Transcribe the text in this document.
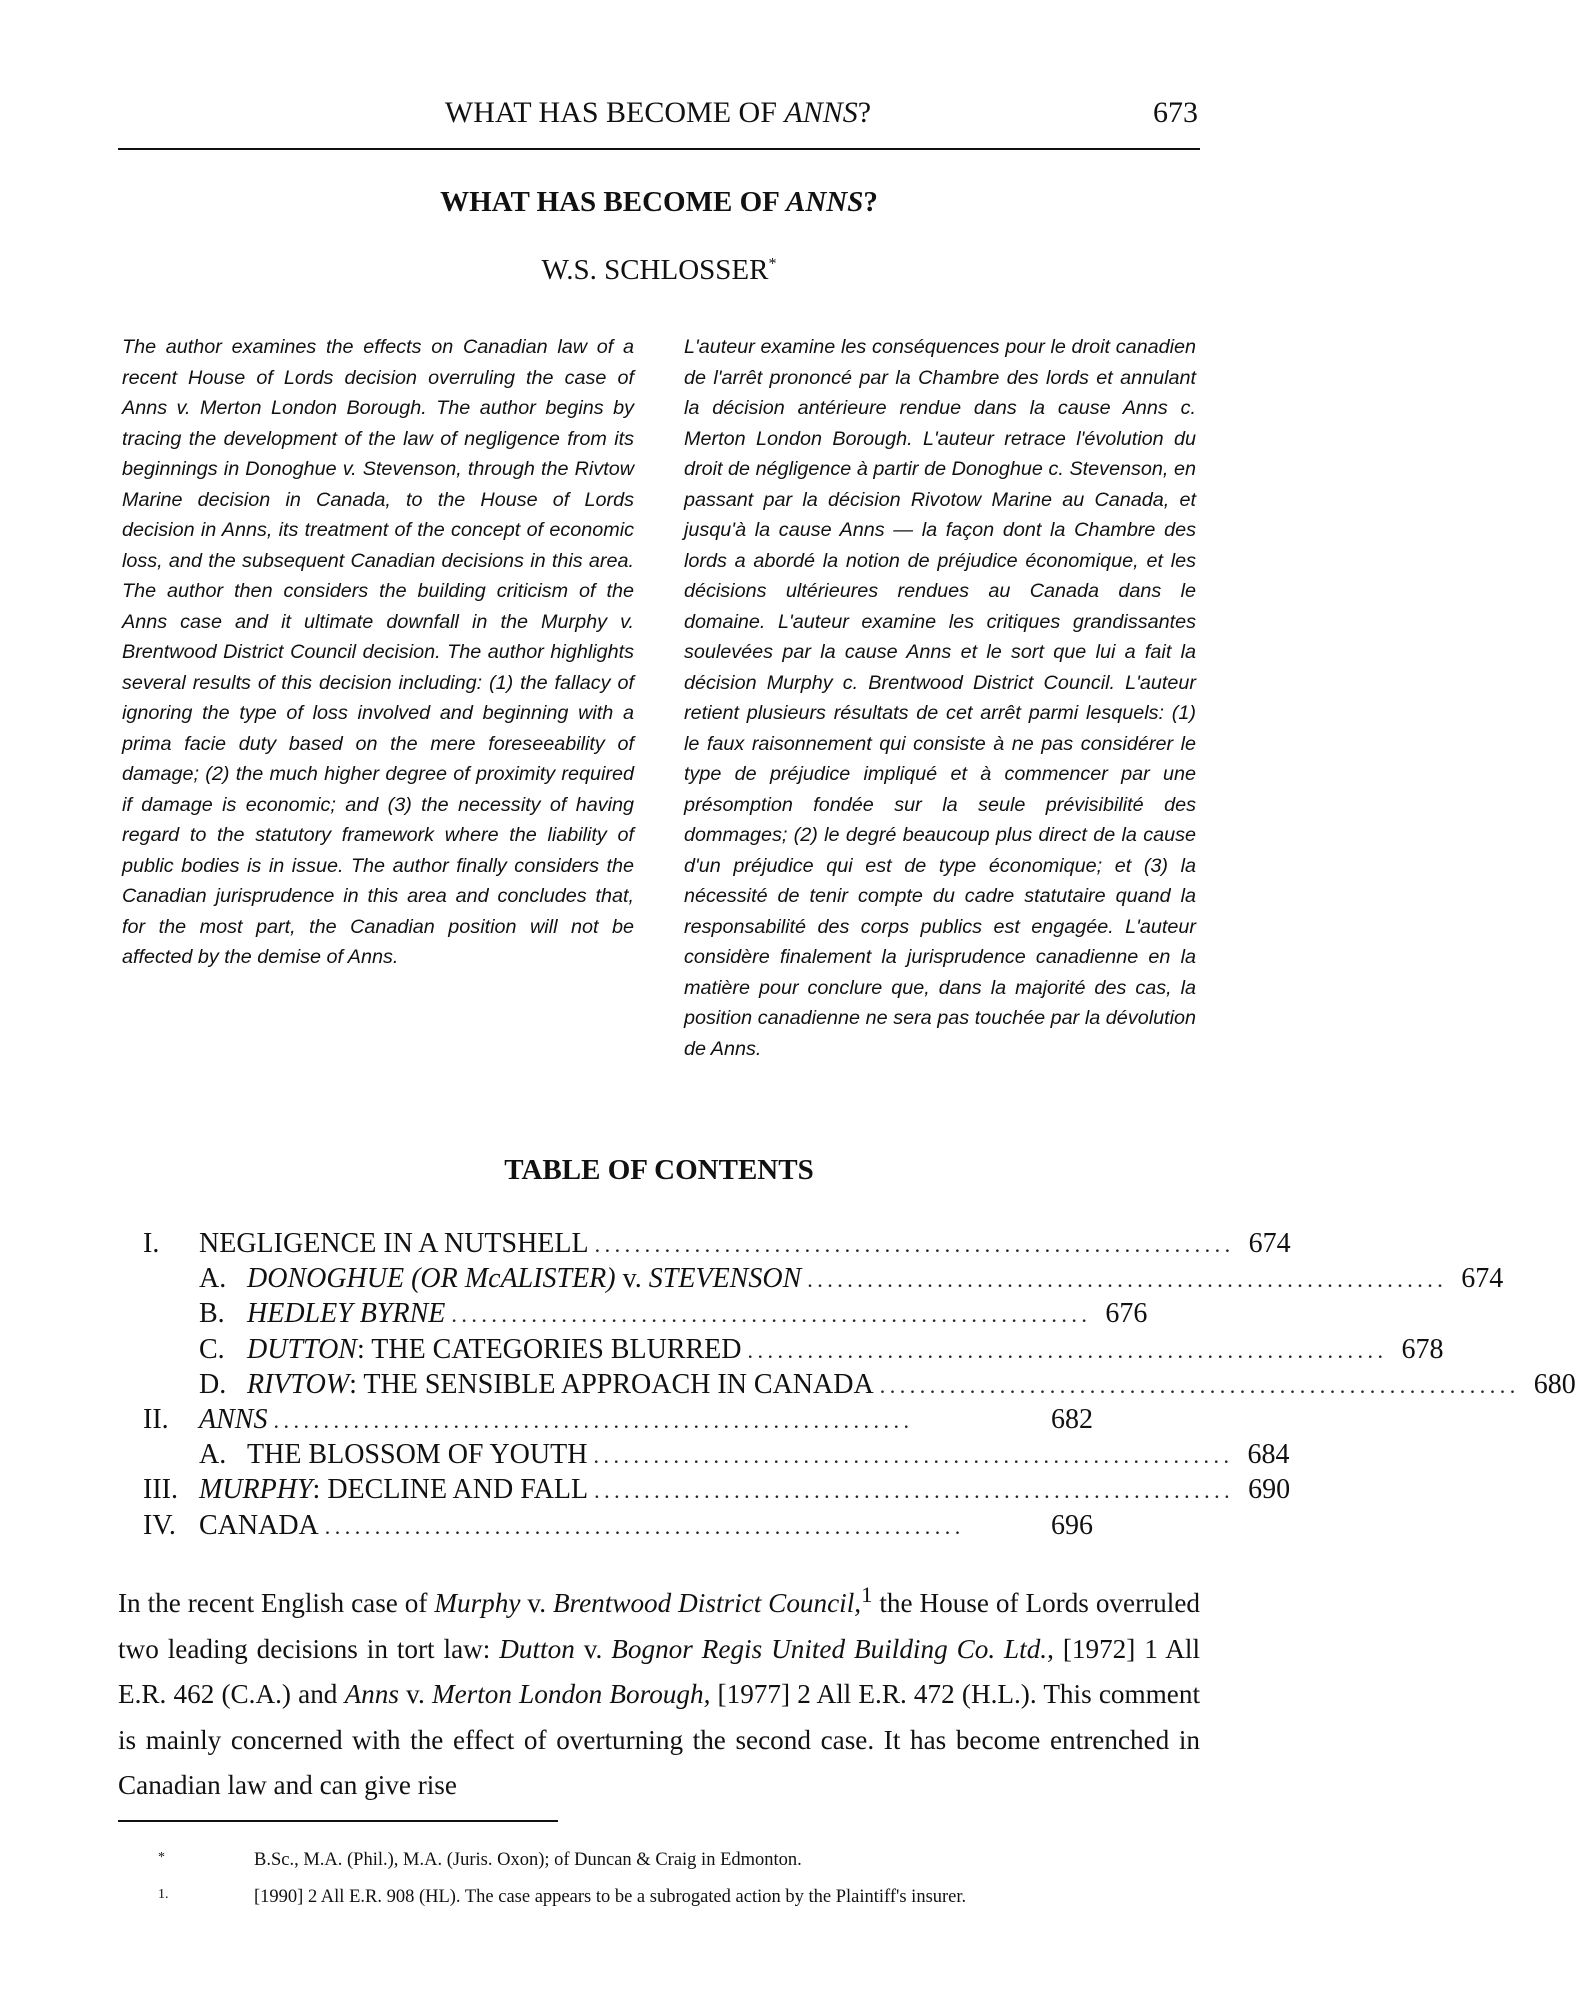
WHAT HAS BECOME OF ANNS?	673
WHAT HAS BECOME OF ANNS?
W.S. SCHLOSSER*

The author examines the effects on Canadian law of a recent House of Lords decision overruling the case of Anns v. Merton London Borough. The author begins by tracing the development of the law of negligence from its beginnings in Donoghue v. Stevenson, through the Rivtow Marine decision in Canada, to the House of Lords decision in Anns, its treatment of the concept of economic loss, and the subsequent Canadian decisions in this area. The author then considers the building criticism of the Anns case and it ultimate downfall in the Murphy v. Brentwood District Council decision. The author highlights several results of this decision including: (1) the fallacy of ignoring the type of loss involved and beginning with a prima facie duty based on the mere foreseeability of damage; (2) the much higher degree of proximity required if damage is economic; and (3) the necessity of having regard to the statutory framework where the liability of public bodies is in issue. The author finally considers the Canadian jurisprudence in this area and concludes that, for the most part, the Canadian position will not be affected by the demise of Anns.

L'auteur examine les conséquences pour le droit canadien de l'arrêt prononcé par la Chambre des lords et annulant la décision antérieure rendue dans la cause Anns c. Merton London Borough. L'auteur retrace l'évolution du droit de négligence à partir de Donoghue c. Stevenson, en passant par la décision Rivotow Marine au Canada, et jusqu'à la cause Anns — la façon dont la Chambre des lords a abordé la notion de préjudice économique, et les décisions ultérieures rendues au Canada dans le domaine. L'auteur examine les critiques grandissantes soulevées par la cause Anns et le sort que lui a fait la décision Murphy c. Brentwood District Council. L'auteur retient plusieurs résultats de cet arrêt parmi lesquels: (1) le faux raisonnement qui consiste à ne pas considérer le type de préjudice impliqué et à commencer par une présomption fondée sur la seule prévisibilité des dommages; (2) le degré beaucoup plus direct de la cause d'un préjudice qui est de type économique; et (3) la nécessité de tenir compte du cadre statutaire quand la responsabilité des corps publics est engagée. L'auteur considère finalement la jurisprudence canadienne en la matière pour conclure que, dans la majorité des cas, la position canadienne ne sera pas touchée par la dévolution de Anns.

TABLE OF CONTENTS
I. NEGLIGENCE IN A NUTSHELL ................................................................ 674
A. DONOGHUE (OR McALISTER) v. STEVENSON ................................................................ 674
B. HEDLEY BYRNE ................................................................ 676
C. DUTTON: THE CATEGORIES BLURRED ................................................................ 678
D. RIVTOW: THE SENSIBLE APPROACH IN CANADA ................................................................ 680
II. ANNS ................................................................	682
A. THE BLOSSOM OF YOUTH ................................................................ 684
III. MURPHY: DECLINE AND FALL ................................................................ 690
IV. CANADA ................................................................	696

In the recent English case of Murphy v. Brentwood District Council,$^1$ the House of Lords overruled two leading decisions in tort law: Dutton v. Bognor Regis United Building Co. Ltd., [1972] 1 All E.R. 462 (C.A.) and Anns v. Merton London Borough, [1977] 2 All E.R. 472 (H.L.). This comment is mainly concerned with the effect of overturning the second case. It has become entrenched in Canadian law and can give rise

*	B.Sc., M.A. (Phil.), M.A. (Juris. Oxon); of Duncan & Craig in Edmonton.
1.	[1990] 2 All E.R. 908 (HL). The case appears to be a subrogated action by the Plaintiff's insurer.
